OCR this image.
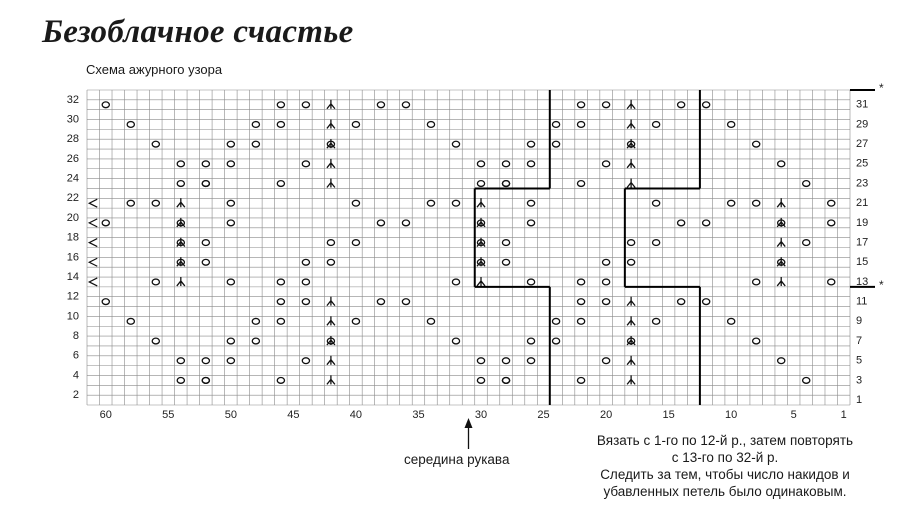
Безоблачное счастье
Схема ажурного узора
32
30
28
26
24
22
20
18
16
14
12
10
8
6
4
2
31
29
27
25
23
21
19
17
15
13
11
9
7
5
3
1
60	55	50	45	40	35	30	25	20	15	10	5	1
*
*
середина рукава
Вязать с 1-го по 12-й р., затем повторять
с 13-го по 32-й р.
Следить за тем, чтобы число накидов и
убавленных петель было одинаковым.
